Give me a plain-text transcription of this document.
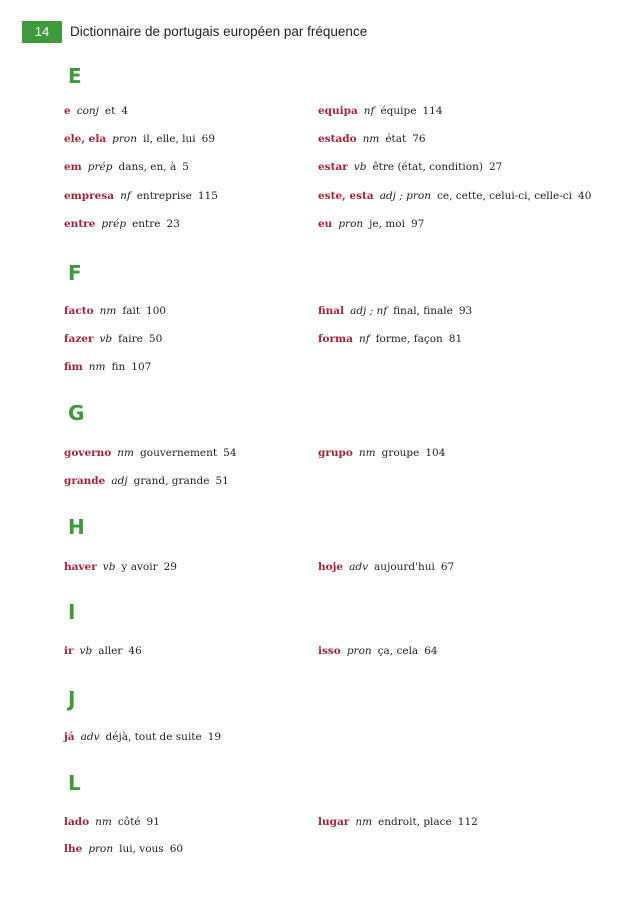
14	Dictionnaire de portugais européen par fréquence
E
e conj et 4	equipa nf équipe 114
ele, ela pron il, elle, lui 69	estado nm état 76
em prép dans, en, à 5	estar vb être (état, condition) 27
empresa nf entreprise 115	este, esta adj ; pron ce, cette, celui-ci, celle-ci 40
entre prép entre 23	eu pron je, moi 97
F
facto nm fait 100	final adj ; nf final, finale 93
fazer vb faire 50	forma nf forme, façon 81
fim nm fin 107
G
governo nm gouvernement 54	grupo nm groupe 104
grande adj grand, grande 51
H
haver vb y avoir 29	hoje adv aujourd'hui 67
I
ir vb aller 46	isso pron ça, cela 64
J
já adv déjà, tout de suite 19
L
lado nm côté 91	lugar nm endroit, place 112
lhe pron lui, vous 60
